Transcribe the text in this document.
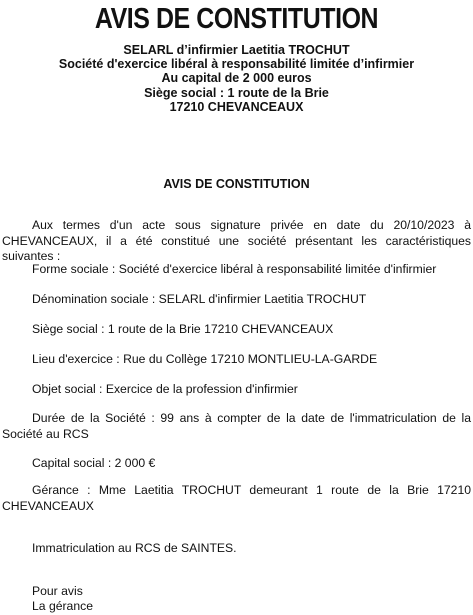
AVIS DE CONSTITUTION
SELARL d’infirmier Laetitia TROCHUT
Société d'exercice libéral à responsabilité limitée d’infirmier
Au capital de 2 000 euros
Siège social : 1 route de la Brie
17210 CHEVANCEAUX
AVIS DE CONSTITUTION
Aux termes d'un acte sous signature privée en date du 20/10/2023 à CHEVANCEAUX, il a été constitué une société présentant les caractéristiques suivantes :
Forme sociale : Société d'exercice libéral à responsabilité limitée d'infirmier
Dénomination sociale : SELARL d'infirmier Laetitia TROCHUT
Siège social : 1 route de la Brie 17210 CHEVANCEAUX
Lieu d'exercice : Rue du Collège 17210 MONTLIEU-LA-GARDE
Objet social : Exercice de la profession d'infirmier
Durée de la Société : 99 ans à compter de la date de l'immatriculation de la Société au RCS
Capital social : 2 000 €
Gérance : Mme Laetitia TROCHUT demeurant 1 route de la Brie 17210 CHEVANCEAUX
Immatriculation au RCS de SAINTES.
Pour avis
La gérance
